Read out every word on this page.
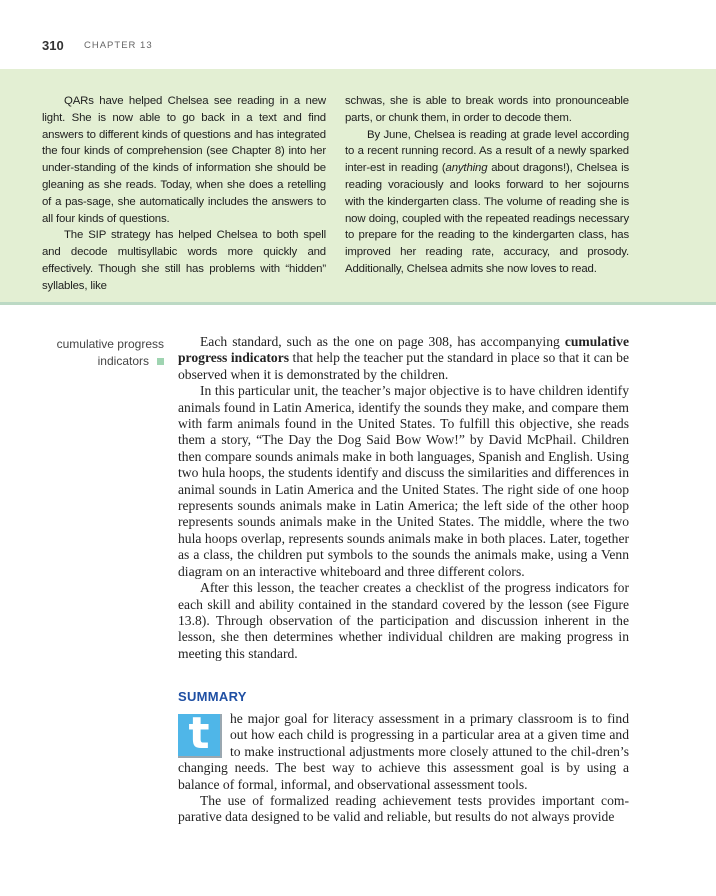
310 CHAPTER 13

QARs have helped Chelsea see reading in a new light. She is now able to go back in a text and find answers to different kinds of questions and has integrated the four kinds of comprehension (see Chapter 8) into her under-standing of the kinds of information she should be gleaning as she reads. Today, when she does a retelling of a pas-sage, she automatically includes the answers to all four kinds of questions.

The SIP strategy has helped Chelsea to both spell and decode multisyllabic words more quickly and effectively. Though she still has problems with “hidden” syllables, like

schwas, she is able to break words into pronounceable parts, or chunk them, in order to decode them.

By June, Chelsea is reading at grade level according to a recent running record. As a result of a newly sparked inter-est in reading (anything about dragons!), Chelsea is reading voraciously and looks forward to her sojourns with the kindergarten class. The volume of reading she is now doing, coupled with the repeated readings necessary to prepare for the reading to the kindergarten class, has improved her reading rate, accuracy, and prosody. Additionally, Chelsea admits she now loves to read.

cumulative progress
indicators

Each standard, such as the one on page 308, has accompanying cumulative progress indicators that help the teacher put the standard in place so that it can be observed when it is demonstrated by the children.

In this particular unit, the teacher’s major objective is to have children identify animals found in Latin America, identify the sounds they make, and compare them with farm animals found in the United States. To fulfill this objective, she reads them a story, “The Day the Dog Said Bow Wow!” by David McPhail. Children then compare sounds animals make in both languages, Spanish and English. Using two hula hoops, the students identify and discuss the similarities and differences in animal sounds in Latin America and the United States. The right side of one hoop represents sounds animals make in Latin America; the left side of the other hoop represents sounds animals make in the United States. The middle, where the two hula hoops overlap, represents sounds animals make in both places. Later, together as a class, the children put symbols to the sounds the animals make, using a Venn diagram on an interactive whiteboard and three different colors.

After this lesson, the teacher creates a checklist of the progress indicators for each skill and ability contained in the standard covered by the lesson (see Figure 13.8). Through observation of the participation and discussion inherent in the lesson, she then determines whether individual children are making progress in meeting this standard.

SUMMARY

t	he major goal for literacy assessment in a primary classroom is to find out how each child is progressing in a particular area at a given time and to make instructional adjustments more closely attuned to the chil-dren’s changing needs. The best way to achieve this assessment goal is by using a balance of formal, informal, and observational assessment tools.

The use of formalized reading achievement tests provides important com-parative data designed to be valid and reliable, but results do not always provide
